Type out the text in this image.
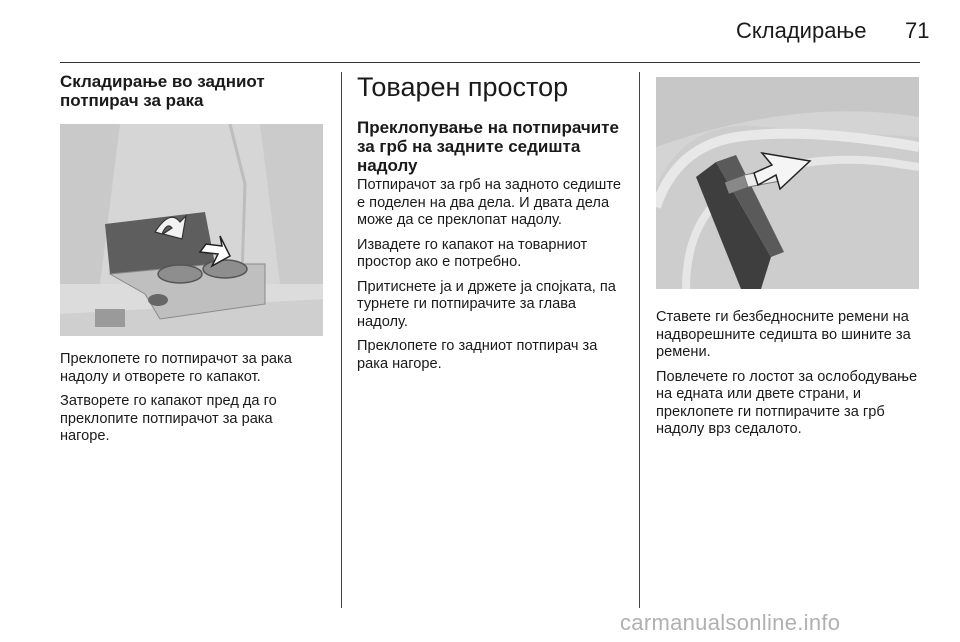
Складирање 71
Складирање во задниот потпирач за рака

Преклопете го потпирачот за рака надолу и отворете го капакот.

Затворете го капакот пред да го преклопите потпирачот за рака нагоре.

Товарен простор
Преклопување на потпирачите за грб на задните седишта надолу

Потпирачот за грб на задното седиште е поделен на два дела. И двата дела може да се преклопат надолу.

Извадете го капакот на товарниот простор ако е потребно.

Притиснете ја и држете ја спојката, па турнете ги потпирачите за глава надолу.

Преклопете го задниот потпирач за рака нагоре.

Ставете ги безбедносните ремени на надворешните седишта во шините за ремени.

Повлечете го лостот за ослободување на едната или двете страни, и преклопете ги потпирачите за грб надолу врз седалото.

carmanualsonline.info
